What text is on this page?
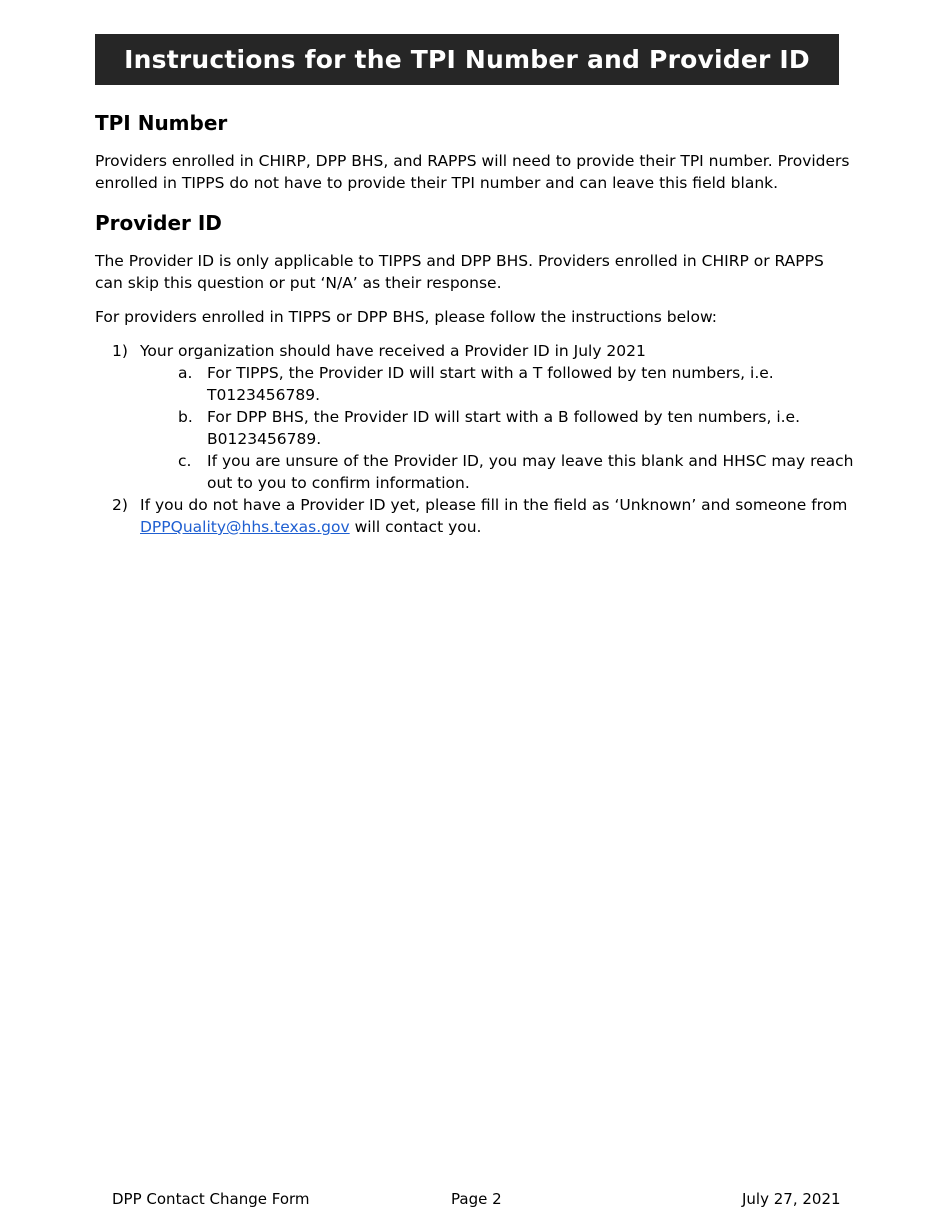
Instructions for the TPI Number and Provider ID
TPI Number

Providers enrolled in CHIRP, DPP BHS, and RAPPS will need to provide their TPI number. Providers enrolled in TIPPS do not have to provide their TPI number and can leave this field blank.

Provider ID

The Provider ID is only applicable to TIPPS and DPP BHS. Providers enrolled in CHIRP or RAPPS can skip this question or put ‘N/A’ as their response.

For providers enrolled in TIPPS or DPP BHS, please follow the instructions below:

1) Your organization should have received a Provider ID in July 2021
a. For TIPPS, the Provider ID will start with a T followed by ten numbers, i.e. T0123456789.
b. For DPP BHS, the Provider ID will start with a B followed by ten numbers, i.e. B0123456789.
c. If you are unsure of the Provider ID, you may leave this blank and HHSC may reach out to you to confirm information.
2) If you do not have a Provider ID yet, please fill in the field as ‘Unknown’ and someone from DPPQuality@hhs.texas.gov will contact you.
DPP Contact Change Form	Page 2	July 27, 2021
